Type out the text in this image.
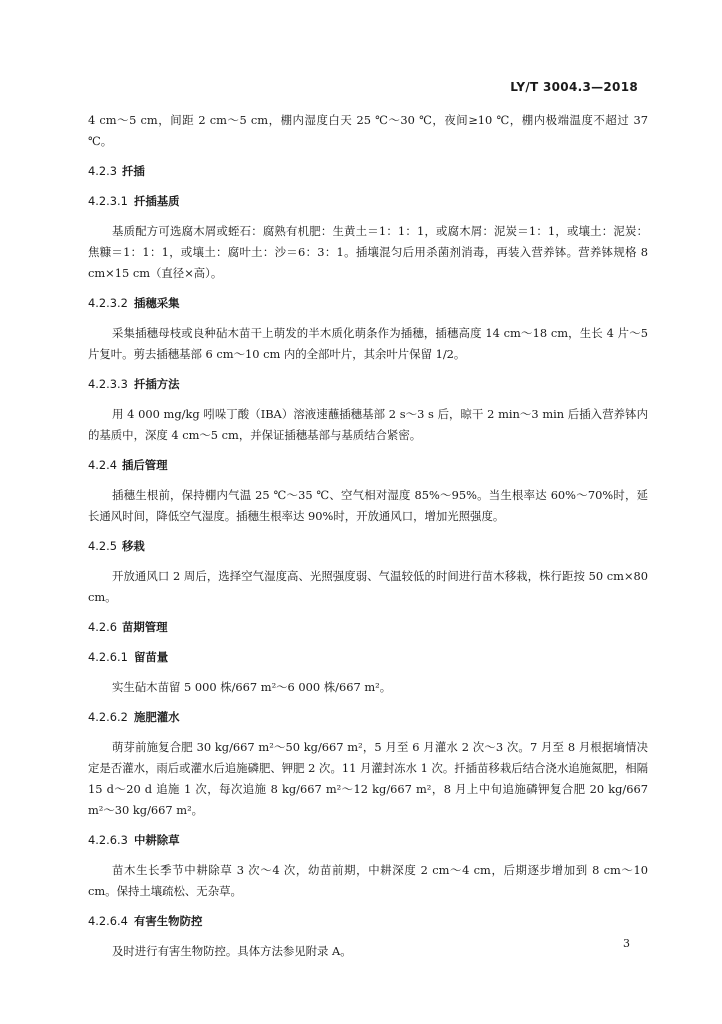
LY/T 3004.3—2018

4 cm～5 cm，间距 2 cm～5 cm，棚内湿度白天 25 ℃～30 ℃，夜间≥10 ℃，棚内极端温度不超过 37 ℃。

4.2.3 扦插
4.2.3.1 扦插基质

基质配方可选腐木屑或蛭石：腐熟有机肥：生黄土＝1：1：1，或腐木屑：泥炭＝1：1，或壤土：泥炭：焦糠＝1：1：1，或壤土：腐叶土：沙＝6：3：1。插壤混匀后用杀菌剂消毒，再装入营养钵。营养钵规格 8 cm×15 cm（直径×高）。

4.2.3.2 插穗采集

采集插穗母枝或良种砧木苗干上萌发的半木质化萌条作为插穗，插穗高度 14 cm～18 cm，生长 4 片～5 片复叶。剪去插穗基部 6 cm～10 cm 内的全部叶片，其余叶片保留 1/2。

4.2.3.3 扦插方法

用 4 000 mg/kg 吲哚丁酸（IBA）溶液速蘸插穗基部 2 s～3 s 后，晾干 2 min～3 min 后插入营养钵内的基质中，深度 4 cm～5 cm，并保证插穗基部与基质结合紧密。

4.2.4 插后管理

插穗生根前，保持棚内气温 25 ℃～35 ℃、空气相对湿度 85%～95%。当生根率达 60%～70%时，延长通风时间，降低空气湿度。插穗生根率达 90%时，开放通风口，增加光照强度。

4.2.5 移栽

开放通风口 2 周后，选择空气湿度高、光照强度弱、气温较低的时间进行苗木移栽，株行距按 50 cm×80 cm。

4.2.6 苗期管理
4.2.6.1 留苗量

实生砧木苗留 5 000 株/667 m²～6 000 株/667 m²。

4.2.6.2 施肥灌水

萌芽前施复合肥 30 kg/667 m²～50 kg/667 m²，5 月至 6 月灌水 2 次～3 次。7 月至 8 月根据墒情决定是否灌水，雨后或灌水后追施磷肥、钾肥 2 次。11 月灌封冻水 1 次。扦插苗移栽后结合浇水追施氮肥，相隔 15 d～20 d 追施 1 次，每次追施 8 kg/667 m²～12 kg/667 m²，8 月上中旬追施磷钾复合肥 20 kg/667 m²～30 kg/667 m²。

4.2.6.3 中耕除草

苗木生长季节中耕除草 3 次～4 次，幼苗前期，中耕深度 2 cm～4 cm，后期逐步增加到 8 cm～10 cm。保持土壤疏松、无杂草。

4.2.6.4 有害生物防控

及时进行有害生物防控。具体方法参见附录 A。

3
